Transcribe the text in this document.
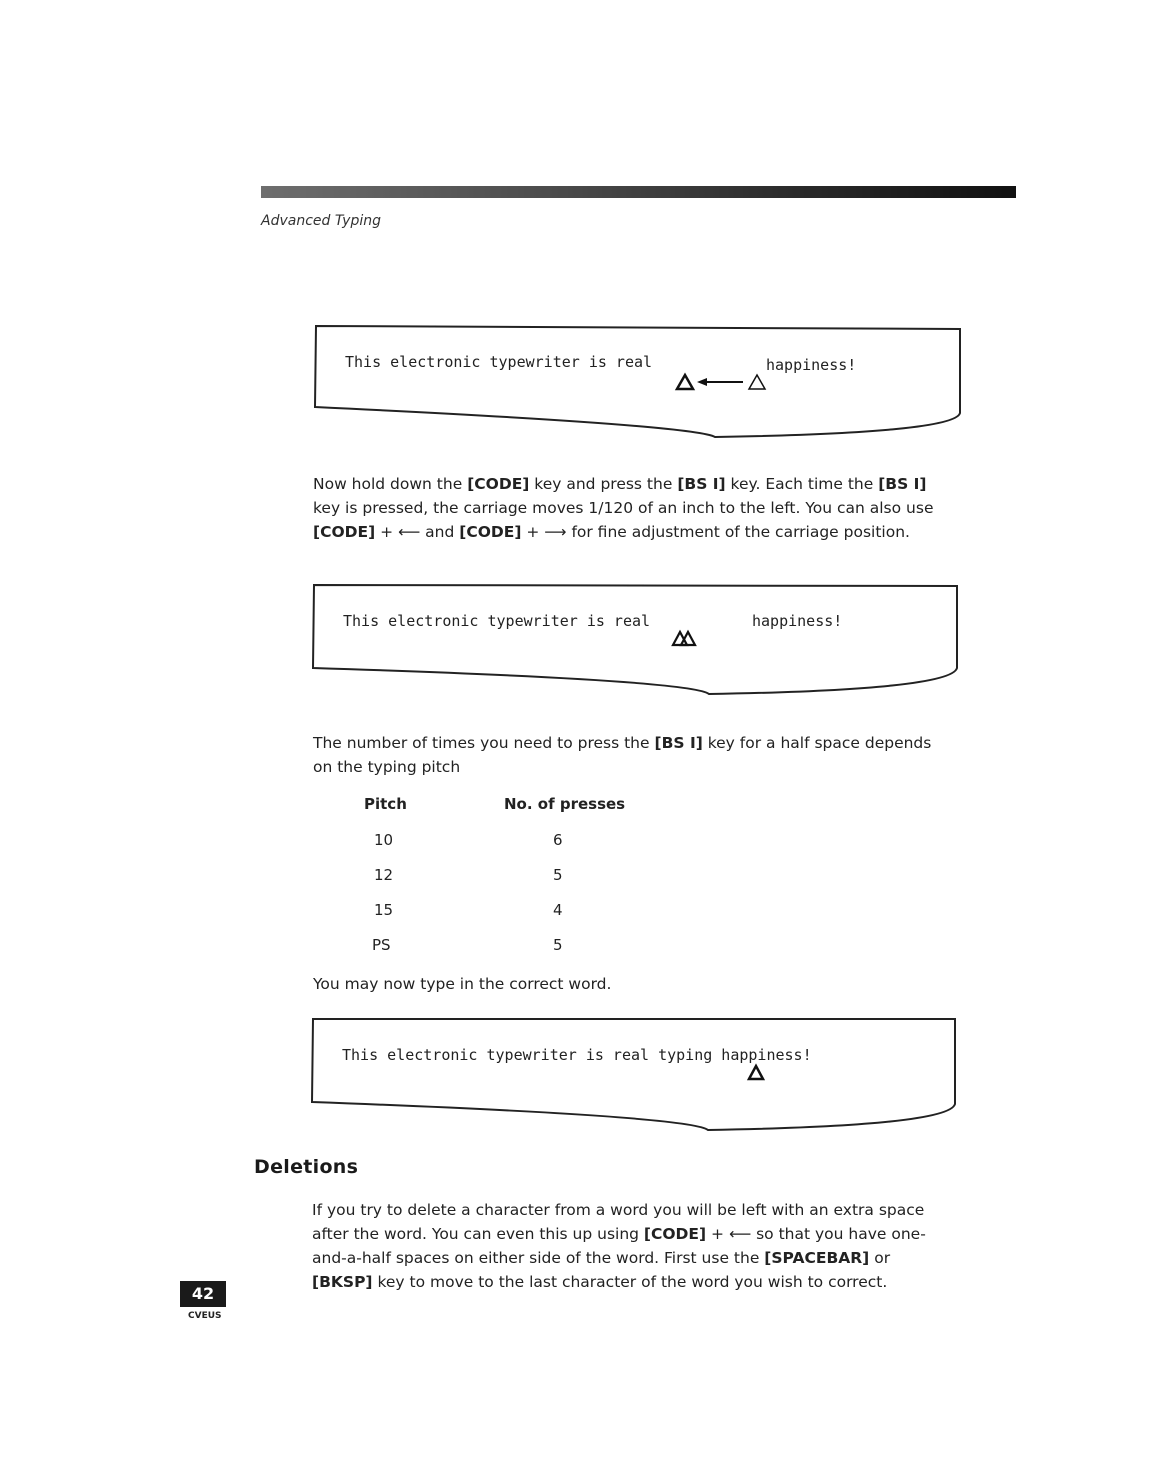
Advanced Typing
This electronic typewriter is real	happiness!
Now hold down the [CODE] key and press the [BS I] key. Each time the [BS I] key is pressed, the carriage moves 1/120 of an inch to the left. You can also use [CODE] + ⟵ and [CODE] + ⟶ for fine adjustment of the carriage position.
This electronic typewriter is real	happiness!
The number of times you need to press the [BS I] key for a half space depends on the typing pitch
Pitch	No. of presses
10	6
12	5
15	4
PS	5
You may now type in the correct word.
This electronic typewriter is real typing happiness!
Deletions
If you try to delete a character from a word you will be left with an extra space after the word. You can even this up using [CODE] + ⟵ so that you have one-and-a-half spaces on either side of the word. First use the [SPACEBAR] or [BKSP] key to move to the last character of the word you wish to correct.
42
CVEUS
